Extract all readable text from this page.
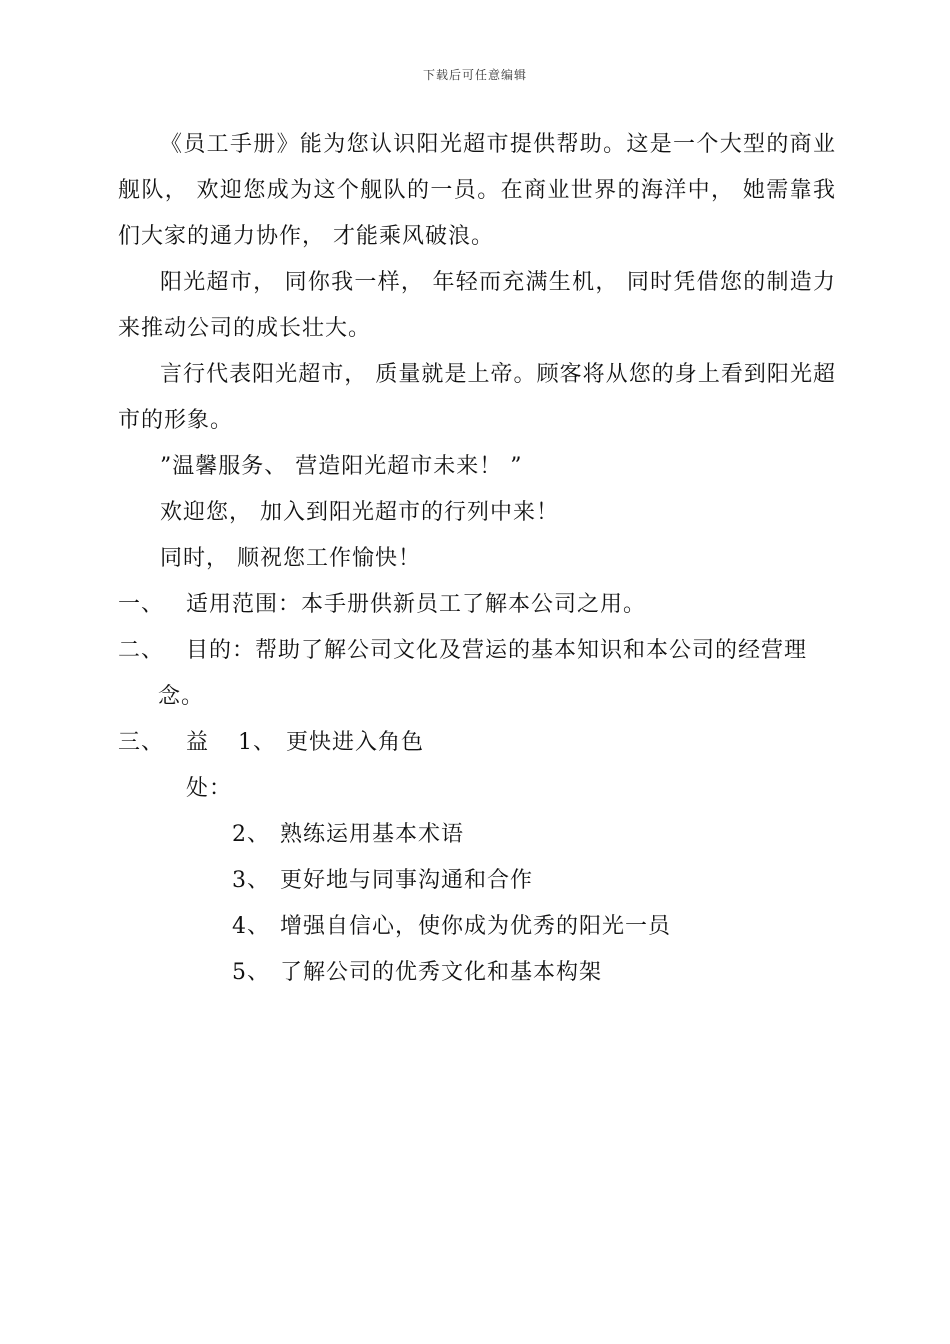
下载后可任意编辑

《员工手册》能为您认识阳光超市提供帮助。这是一个大型的商业舰队， 欢迎您成为这个舰队的一员。在商业世界的海洋中， 她需靠我们大家的通力协作， 才能乘风破浪。

阳光超市， 同你我一样， 年轻而充满生机， 同时凭借您的制造力来推动公司的成长壮大。

言行代表阳光超市， 质量就是上帝。顾客将从您的身上看到阳光超市的形象。

”温馨服务、 营造阳光超市未来！ ”

欢迎您， 加入到阳光超市的行列中来！

同时， 顺祝您工作愉快！

一、 适用范围：本手册供新员工了解本公司之用。
二、 目的：帮助了解公司文化及营运的基本知识和本公司的经营理
念。
三、 益处：
1、 更快进入角色
2、 熟练运用基本术语
3、 更好地与同事沟通和合作
4、 增强自信心，使你成为优秀的阳光一员
5、 了解公司的优秀文化和基本构架
